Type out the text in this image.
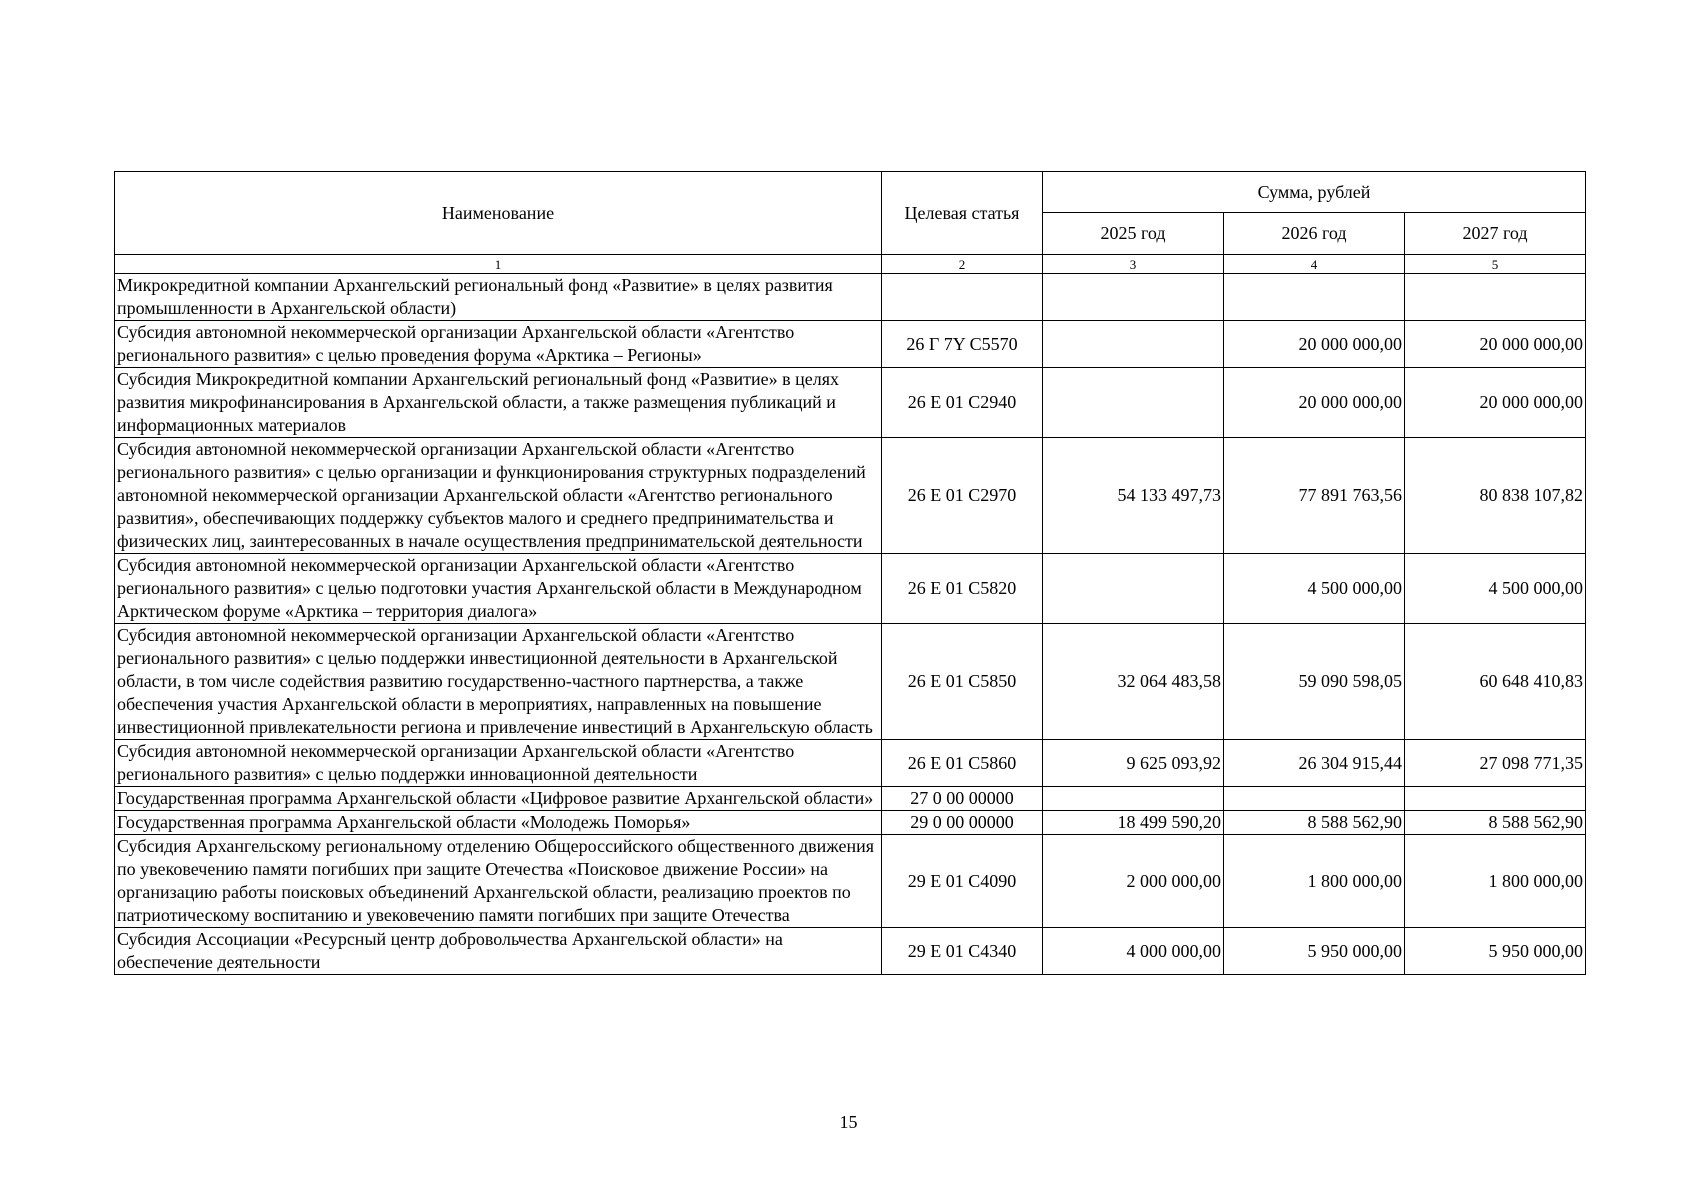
Наименование	Целевая статья	Сумма, рублей		
		2025 год	2026 год	2027 год
1	2	3	4	5
Микрокредитной компании Архангельский региональный фонд «Развитие» в целях развития промышленности в Архангельской области)				
Субсидия автономной некоммерческой организации Архангельской области «Агентство регионального развития» с целью проведения форума «Арктика – Регионы»	26 Г 7Y C5570		20 000 000,00	20 000 000,00
Субсидия Микрокредитной компании Архангельский региональный фонд «Развитие» в целях развития микрофинансирования в Архангельской области, а также размещения публикаций и информационных материалов	26 Е 01 С2940		20 000 000,00	20 000 000,00
Субсидия автономной некоммерческой организации Архангельской области «Агентство регионального развития» с целью организации и функционирования структурных подразделений автономной некоммерческой организации Архангельской области «Агентство регионального развития», обеспечивающих поддержку субъектов малого и среднего предпринимательства и физических лиц, заинтересованных в начале осуществления предпринимательской деятельности	26 Е 01 С2970	54 133 497,73	77 891 763,56	80 838 107,82
Субсидия автономной некоммерческой организации Архангельской области «Агентство регионального развития» с целью подготовки участия Архангельской области в Международном Арктическом форуме «Арктика – территория диалога»	26 Е 01 С5820		4 500 000,00	4 500 000,00
Субсидия автономной некоммерческой организации Архангельской области «Агентство регионального развития» с целью поддержки инвестиционной деятельности в Архангельской области, в том числе содействия развитию государственно-частного партнерства, а также обеспечения участия Архангельской области в мероприятиях, направленных на повышение инвестиционной привлекательности региона и привлечение инвестиций в Архангельскую область	26 Е 01 С5850	32 064 483,58	59 090 598,05	60 648 410,83
Субсидия автономной некоммерческой организации Архангельской области «Агентство регионального развития» с целью поддержки инновационной деятельности	26 Е 01 С5860	9 625 093,92	26 304 915,44	27 098 771,35
Государственная программа Архангельской области «Цифровое развитие Архангельской области»	27 0 00 00000			
Государственная программа Архангельской области «Молодежь Поморья»	29 0 00 00000	18 499 590,20	8 588 562,90	8 588 562,90
Субсидия Архангельскому региональному отделению Общероссийского общественного движения по увековечению памяти погибших при защите Отечества «Поисковое движение России» на организацию работы поисковых объединений Архангельской области, реализацию проектов по патриотическому воспитанию и увековечению памяти погибших при защите Отечества	29 Е 01 С4090	2 000 000,00	1 800 000,00	1 800 000,00
Субсидия Ассоциации «Ресурсный центр добровольчества Архангельской области» на обеспечение деятельности	29 Е 01 С4340	4 000 000,00	5 950 000,00	5 950 000,00
15
